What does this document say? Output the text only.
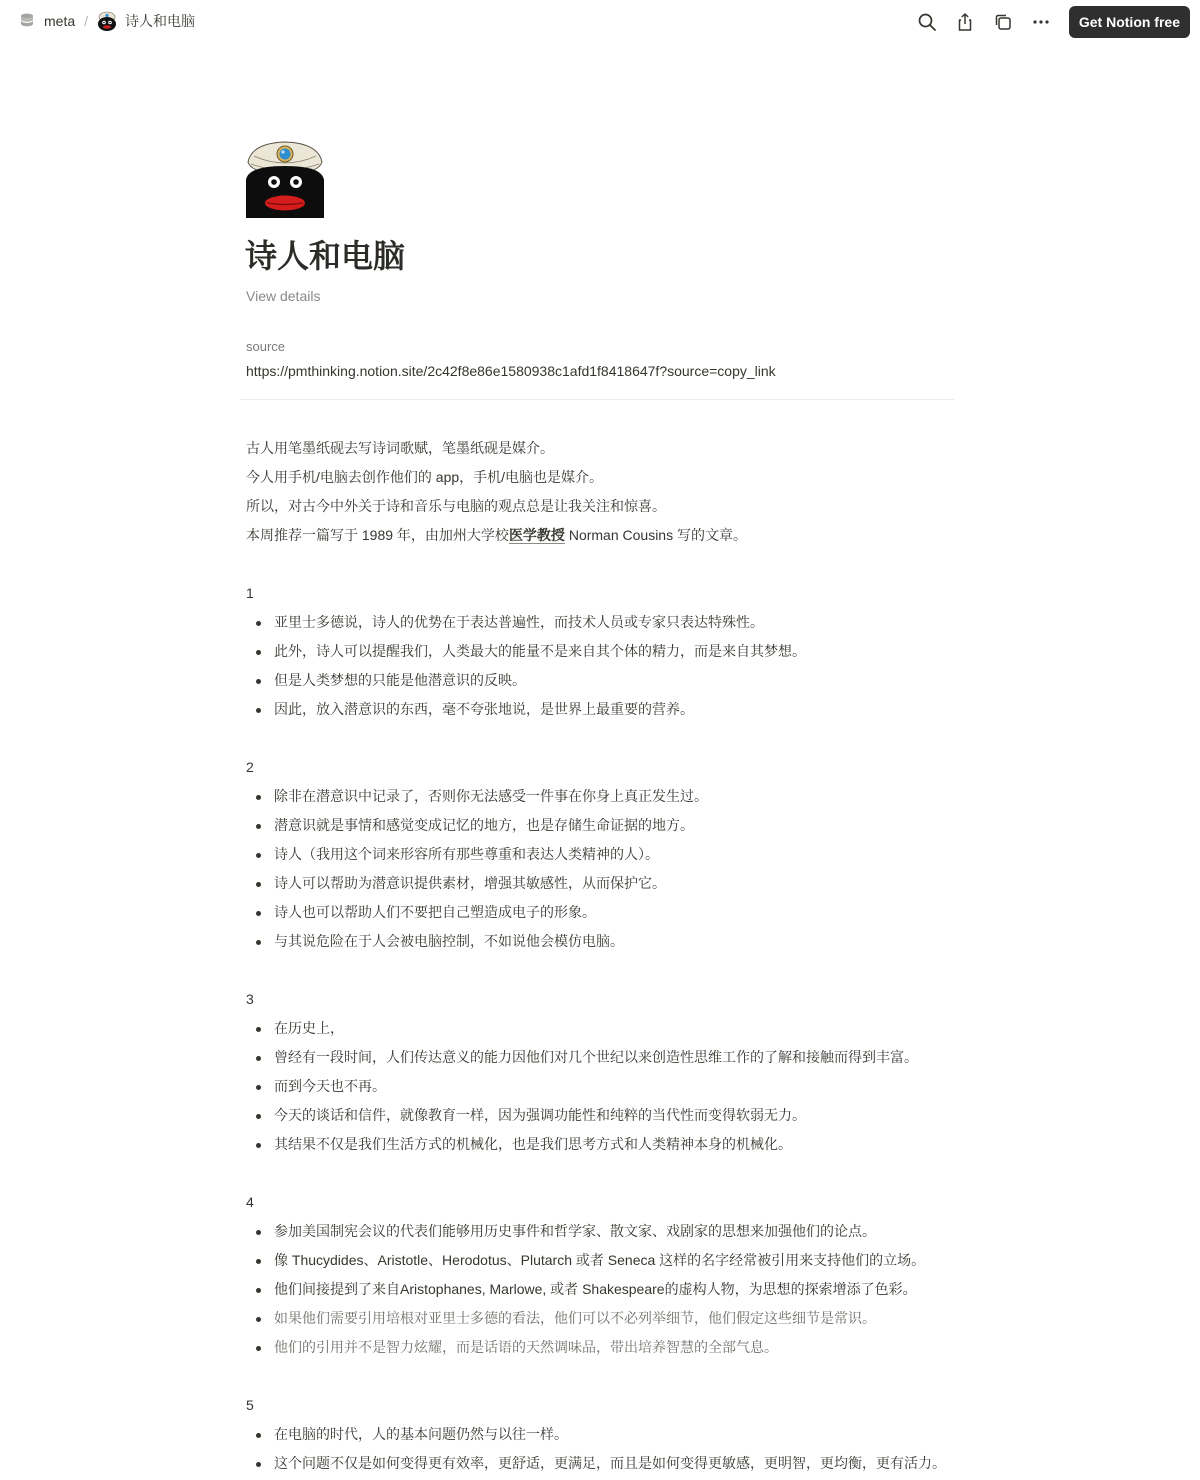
meta /	诗人和电脑	Get Notion free
诗人和电脑
View details
source
https://pmthinking.notion.site/2c42f8e86e1580938c1afd1f8418647f?source=copy_link
古人用笔墨纸砚去写诗词歌赋，笔墨纸砚是媒介。
今人用手机/电脑去创作他们的 app，手机/电脑也是媒介。
所以，对古今中外关于诗和音乐与电脑的观点总是让我关注和惊喜。
本周推荐一篇写于 1989 年，由加州大学校医学教授 Norman Cousins 写的文章。
1
亚里士多德说，诗人的优势在于表达普遍性，而技术人员或专家只表达特殊性。
此外，诗人可以提醒我们，人类最大的能量不是来自其个体的精力，而是来自其梦想。
但是人类梦想的只能是他潜意识的反映。
因此，放入潜意识的东西，毫不夸张地说，是世界上最重要的营养。
2
除非在潜意识中记录了，否则你无法感受一件事在你身上真正发生过。
潜意识就是事情和感觉变成记忆的地方，也是存储生命证据的地方。
诗人（我用这个词来形容所有那些尊重和表达人类精神的人）。
诗人可以帮助为潜意识提供素材，增强其敏感性，从而保护它。
诗人也可以帮助人们不要把自己塑造成电子的形象。
与其说危险在于人会被电脑控制，不如说他会模仿电脑。
3
在历史上，
曾经有一段时间，人们传达意义的能力因他们对几个世纪以来创造性思维工作的了解和接触而得到丰富。
而到今天也不再。
今天的谈话和信件，就像教育一样，因为强调功能性和纯粹的当代性而变得软弱无力。
其结果不仅是我们生活方式的机械化，也是我们思考方式和人类精神本身的机械化。
4
参加美国制宪会议的代表们能够用历史事件和哲学家、散文家、戏剧家的思想来加强他们的论点。
像 Thucydides、Aristotle、Herodotus、Plutarch 或者 Seneca 这样的名字经常被引用来支持他们的立场。
他们间接提到了来自Aristophanes, Marlowe, 或者 Shakespeare的虚构人物，为思想的探索增添了色彩。
如果他们需要引用培根对亚里士多德的看法，他们可以不必列举细节，他们假定这些细节是常识。
他们的引用并不是智力炫耀，而是话语的天然调味品，带出培养智慧的全部气息。
5
在电脑的时代，人的基本问题仍然与以往一样。
这个问题不仅是如何变得更有效率，更舒适，更满足，而且是如何变得更敏感，更明智，更均衡，更有活力。
